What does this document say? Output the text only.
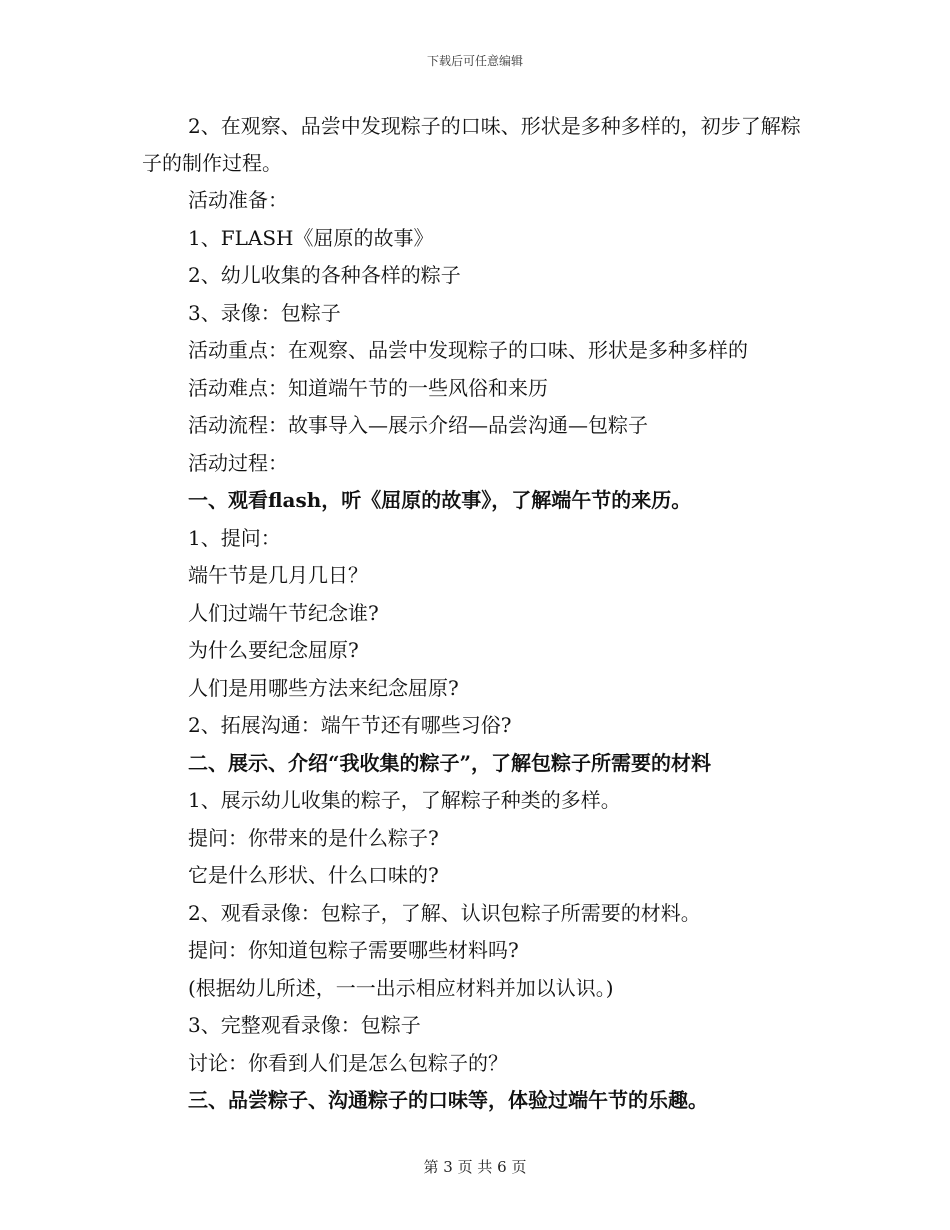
下载后可任意编辑
2、在观察、品尝中发现粽子的口味、形状是多种多样的，初步了解粽子的制作过程。
活动准备：
1、FLASH《屈原的故事》
2、幼儿收集的各种各样的粽子
3、录像：包粽子
活动重点：在观察、品尝中发现粽子的口味、形状是多种多样的
活动难点：知道端午节的一些风俗和来历
活动流程：故事导入—展示介绍—品尝沟通—包粽子
活动过程：
一、观看flash，听《屈原的故事》，了解端午节的来历。
1、提问：
端午节是几月几日？
人们过端午节纪念谁?
为什么要纪念屈原?
人们是用哪些方法来纪念屈原?
2、拓展沟通：端午节还有哪些习俗?
二、展示、介绍“我收集的粽子”，了解包粽子所需要的材料
1、展示幼儿收集的粽子，了解粽子种类的多样。
提问：你带来的是什么粽子?
它是什么形状、什么口味的?
2、观看录像：包粽子，了解、认识包粽子所需要的材料。
提问：你知道包粽子需要哪些材料吗?
(根据幼儿所述，一一出示相应材料并加以认识。)
3、完整观看录像：包粽子
讨论：你看到人们是怎么包粽子的？
三、品尝粽子、沟通粽子的口味等，体验过端午节的乐趣。
第 3 页 共 6 页
